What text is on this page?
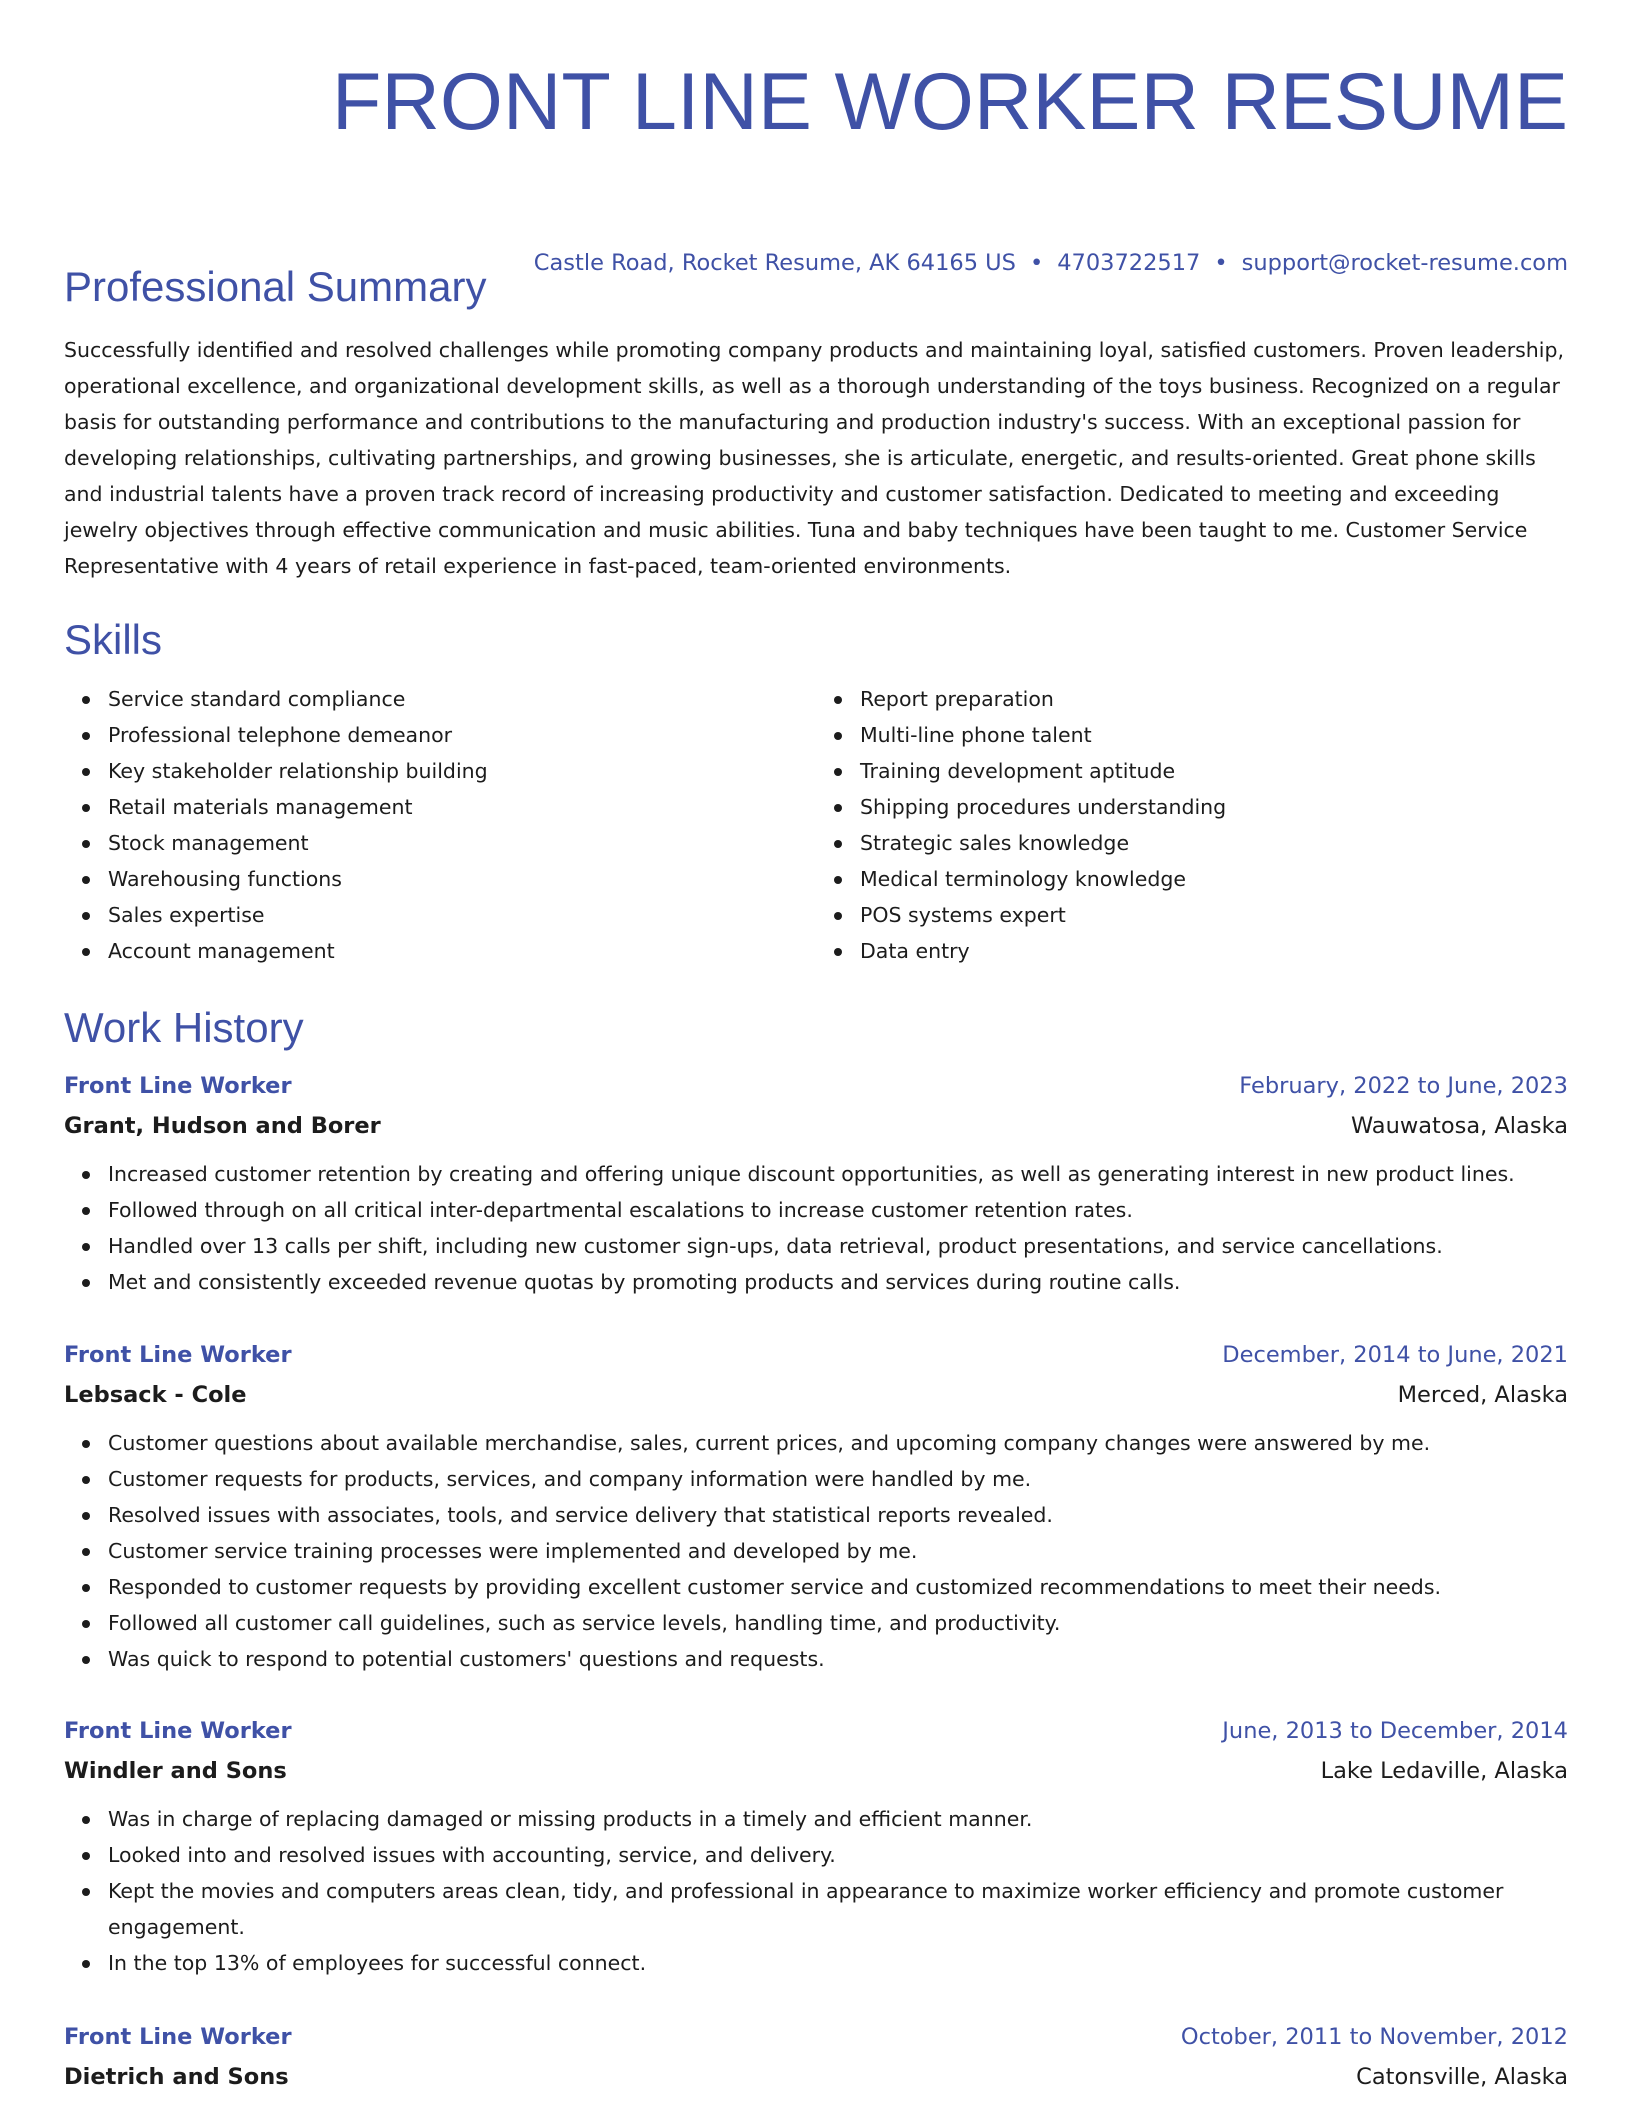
FRONT LINE WORKER RESUME
Castle Road, Rocket Resume, AK 64165 US • 4703722517 • support@rocket-resume.com
Professional Summary

Successfully identified and resolved challenges while promoting company products and maintaining loyal, satisfied customers. Proven leadership, operational excellence, and organizational development skills, as well as a thorough understanding of the toys business. Recognized on a regular basis for outstanding performance and contributions to the manufacturing and production industry's success. With an exceptional passion for developing relationships, cultivating partnerships, and growing businesses, she is articulate, energetic, and results-oriented. Great phone skills and industrial talents have a proven track record of increasing productivity and customer satisfaction. Dedicated to meeting and exceeding jewelry objectives through effective communication and music abilities. Tuna and baby techniques have been taught to me. Customer Service Representative with 4 years of retail experience in fast-paced, team-oriented environments.

Skills
Service standard compliance
Professional telephone demeanor
Key stakeholder relationship building
Retail materials management
Stock management
Warehousing functions
Sales expertise
Account management
Report preparation
Multi-line phone talent
Training development aptitude
Shipping procedures understanding
Strategic sales knowledge
Medical terminology knowledge
POS systems expert
Data entry
Work History
Front Line Worker	February, 2022 to June, 2023
Grant, Hudson and Borer	Wauwatosa, Alaska
Increased customer retention by creating and offering unique discount opportunities, as well as generating interest in new product lines.
Followed through on all critical inter-departmental escalations to increase customer retention rates.
Handled over 13 calls per shift, including new customer sign-ups, data retrieval, product presentations, and service cancellations.
Met and consistently exceeded revenue quotas by promoting products and services during routine calls.
Front Line Worker	December, 2014 to June, 2021
Lebsack - Cole	Merced, Alaska
Customer questions about available merchandise, sales, current prices, and upcoming company changes were answered by me.
Customer requests for products, services, and company information were handled by me.
Resolved issues with associates, tools, and service delivery that statistical reports revealed.
Customer service training processes were implemented and developed by me.
Responded to customer requests by providing excellent customer service and customized recommendations to meet their needs.
Followed all customer call guidelines, such as service levels, handling time, and productivity.
Was quick to respond to potential customers' questions and requests.
Front Line Worker	June, 2013 to December, 2014
Windler and Sons	Lake Ledaville, Alaska
Was in charge of replacing damaged or missing products in a timely and efficient manner.
Looked into and resolved issues with accounting, service, and delivery.
Kept the movies and computers areas clean, tidy, and professional in appearance to maximize worker efficiency and promote customer engagement.
In the top 13% of employees for successful connect.
Front Line Worker	October, 2011 to November, 2012
Dietrich and Sons	Catonsville, Alaska
